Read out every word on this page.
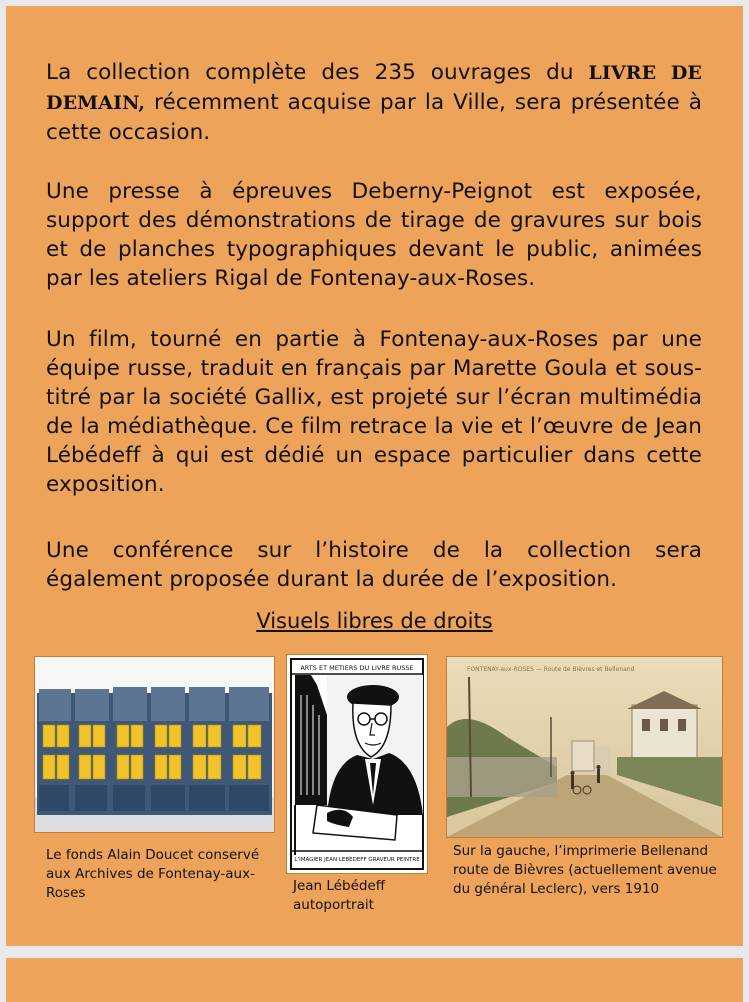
La collection complète des 235 ouvrages du LIVRE DE DEMAIN, récemment acquise par la Ville, sera présentée à cette occasion.
Une presse à épreuves Deberny-Peignot est exposée, support des démonstrations de tirage de gravures sur bois et de planches typographiques devant le public, animées par les ateliers Rigal de Fontenay-aux-Roses.
Un film, tourné en partie à Fontenay-aux-Roses par une équipe russe, traduit en français par Marette Goula et sous-titré par la société Gallix, est projeté sur l’écran multimédia de la médiathèque. Ce film retrace la vie et l’œuvre de Jean Lébédeff à qui est dédié un espace particulier dans cette exposition.
Une conférence sur l’histoire de la collection sera également proposée durant la durée de l’exposition.
Visuels libres de droits
ARTS ET METIERS DU LIVRE RUSSE
L’IMAGIER JEAN LEBEDEFF GRAVEUR PEINTRE
FONTENAY-aux-ROSES — Route de Bièvres et Bellenand
Le fonds Alain Doucet conservé aux Archives de Fontenay-aux-Roses	Jean Lébédeff autoportrait
Sur la gauche, l’imprimerie Bellenand route de Bièvres (actuellement avenue du général Leclerc), vers 1910
